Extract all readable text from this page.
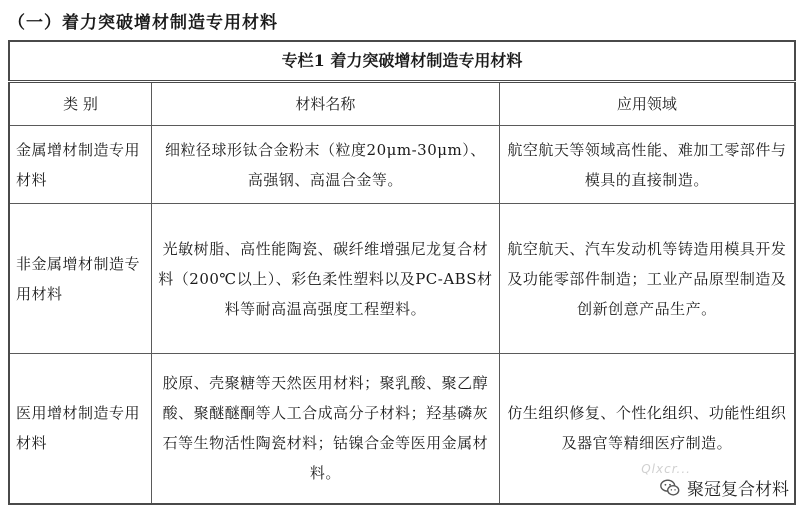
（一）着力突破增材制造专用材料
专栏1 着力突破增材制造专用材料		
类 别	材料名称	应用领域
金属增材制造专用材料	细粒径球形钛合金粉末（粒度20μm-30μm）、高强钢、高温合金等。	航空航天等领域高性能、难加工零部件与模具的直接制造。
非金属增材制造专用材料	光敏树脂、高性能陶瓷、碳纤维增强尼龙复合材料（200℃以上）、彩色柔性塑料以及PC-ABS材料等耐高温高强度工程塑料。	航空航天、汽车发动机等铸造用模具开发及功能零部件制造；工业产品原型制造及创新创意产品生产。
医用增材制造专用材料	胶原、壳聚糖等天然医用材料；聚乳酸、聚乙醇酸、聚醚醚酮等人工合成高分子材料；羟基磷灰石等生物活性陶瓷材料；钴镍合金等医用金属材料。	仿生组织修复、个性化组织、功能性组织及器官等精细医疗制造。
Qlxcr...
聚冠复合材料
